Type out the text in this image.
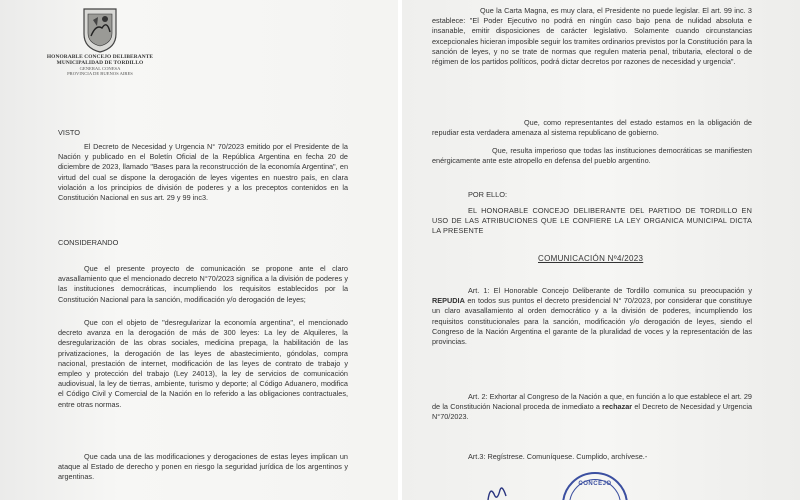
HONORABLE CONCEJO DELIBERANTE
MUNICIPALIDAD DE TORDILLO
GENERAL CONESA
PROVINCIA DE BUENOS AIRES
VISTO
El Decreto de Necesidad y Urgencia N° 70/2023 emitido por el Presidente de la Nación y publicado en el Boletín Oficial de la República Argentina en fecha 20 de diciembre de 2023, llamado "Bases para la reconstrucción de la economía Argentina", en virtud del cual se dispone la derogación de leyes vigentes en nuestro país, en clara violación a los principios de división de poderes y a los preceptos contenidos en la Constitución Nacional en sus art. 29 y 99 inc3.
CONSIDERANDO
Que el presente proyecto de comunicación se propone ante el claro avasallamiento que el mencionado decreto N°70/2023 significa a la división de poderes y las instituciones democráticas, incumpliendo los requisitos establecidos por la Constitución Nacional para la sanción, modificación y/o derogación de leyes;
Que con el objeto de "desregularizar la economía argentina", el mencionado decreto avanza en la derogación de más de 300 leyes: La ley de Alquileres, la desregularización de las obras sociales, medicina prepaga, la habilitación de las privatizaciones, la derogación de las leyes de abastecimiento, góndolas, compra nacional, prestación de internet, modificación de las leyes de contrato de trabajo y empleo y protección del trabajo (Ley 24013), la ley de servicios de comunicación audiovisual, la ley de tierras, ambiente, turismo y deporte; al Código Aduanero, modifica el Código Civil y Comercial de la Nación en lo referido a las obligaciones contractuales, entre otras normas.
Que cada una de las modificaciones y derogaciones de estas leyes implican un ataque al Estado de derecho y ponen en riesgo la seguridad jurídica de los argentinos y argentinas.
Que la Carta Magna, es muy clara, el Presidente no puede legislar. El art. 99 inc. 3 establece: "El Poder Ejecutivo no podrá en ningún caso bajo pena de nulidad absoluta e insanable, emitir disposiciones de carácter legislativo. Solamente cuando circunstancias excepcionales hicieran imposible seguir los tramites ordinarios previstos por la Constitución para la sanción de leyes, y no se trate de normas que regulen materia penal, tributaria, electoral o de régimen de los partidos políticos, podrá dictar decretos por razones de necesidad y urgencia".
Que, como representantes del estado estamos en la obligación de repudiar esta verdadera amenaza al sistema republicano de gobierno.
Que, resulta imperioso que todas las instituciones democráticas se manifiesten enérgicamente ante este atropello en defensa del pueblo argentino.
POR ELLO:
EL HONORABLE CONCEJO DELIBERANTE DEL PARTIDO DE TORDILLO EN USO DE LAS ATRIBUCIONES QUE LE CONFIERE LA LEY ORGANICA MUNICIPAL DICTA LA PRESENTE
COMUNICACIÓN Nº4/2023
Art. 1: El Honorable Concejo Deliberante de Tordillo comunica su preocupación y REPUDIA en todos sus puntos el decreto presidencial N° 70/2023, por considerar que constituye un claro avasallamiento al orden democrático y a la división de poderes, incumpliendo los requisitos constitucionales para la sanción, modificación y/o derogación de leyes, siendo el Congreso de la Nación Argentina el garante de la pluralidad de voces y la representación de las provincias.
Art. 2: Exhortar al Congreso de la Nación a que, en función a lo que establece el art. 29 de la Constitución Nacional proceda de inmediato a rechazar el Decreto de Necesidad y Urgencia N°70/2023.
Art.3: Regístrese. Comuníquese. Cumplido, archívese.-
CONCEJO
